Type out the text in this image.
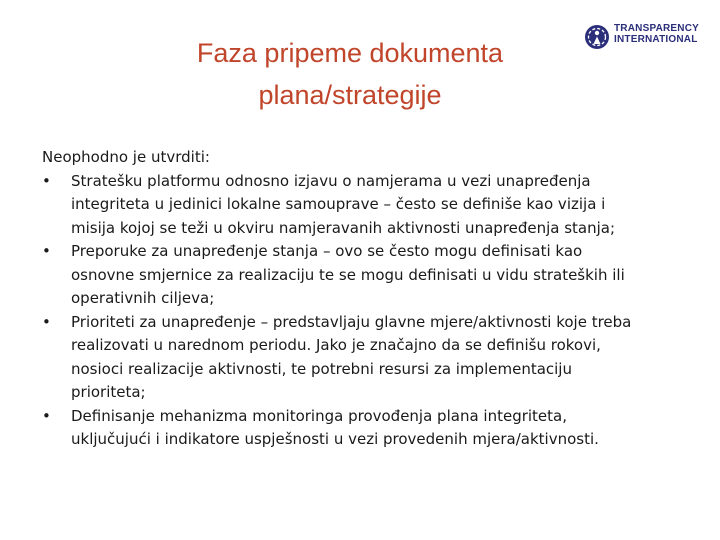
Faza pripeme dokumenta
plana/strategije
TRANSPARENCY
INTERNATIONAL

Neophodno je utvrditi:

• Stratešku platformu odnosno izjavu o namjerama u vezi unapređenja
integriteta u jedinici lokalne samouprave – često se definiše kao vizija i
misija kojoj se teži u okviru namjeravanih aktivnosti unapređenja stanja;
• Preporuke za unapređenje stanja – ovo se često mogu definisati kao
osnovne smjernice za realizaciju te se mogu definisati u vidu strateških ili
operativnih ciljeva;
• Prioriteti za unapređenje – predstavljaju glavne mjere/aktivnosti koje treba
realizovati u narednom periodu. Jako je značajno da se definišu rokovi,
nosioci realizacije aktivnosti, te potrebni resursi za implementaciju
prioriteta;
• Definisanje mehanizma monitoringa provođenja plana integriteta,
uključujući i indikatore uspješnosti u vezi provedenih mjera/aktivnosti.
